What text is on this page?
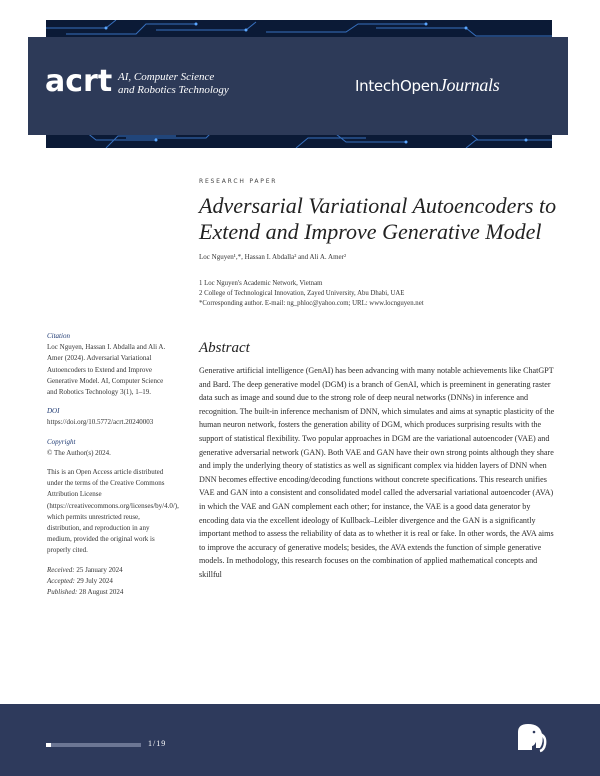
acrt AI, Computer Science
and Robotics Technology	IntechOpenJournals
RESEARCH PAPER
Adversarial Variational Autoencoders to Extend and Improve Generative Model
Loc Nguyen¹,*, Hassan I. Abdalla² and Ali A. Amer²
1 Loc Nguyen's Academic Network, Vietnam
2 College of Technological Innovation, Zayed University, Abu Dhabi, UAE
*Corresponding author. E-mail: ng_phloc@yahoo.com; URL: www.locnguyen.net
Citation
Loc Nguyen, Hassan I. Abdalla and Ali A. Amer (2024). Adversarial Variational Autoencoders to Extend and Improve Generative Model. AI, Computer Science and Robotics Technology 3(1), 1–19.
DOI
https://doi.org/10.5772/acrt.20240003
Copyright
© The Author(s) 2024.
This is an Open Access article distributed under the terms of the Creative Commons Attribution License (https://creativecommons.org/licenses/by/4.0/), which permits unrestricted reuse, distribution, and reproduction in any medium, provided the original work is properly cited.
Received: 25 January 2024
Accepted: 29 July 2024
Published: 28 August 2024
Abstract

Generative artificial intelligence (GenAI) has been advancing with many notable achievements like ChatGPT and Bard. The deep generative model (DGM) is a branch of GenAI, which is preeminent in generating raster data such as image and sound due to the strong role of deep neural networks (DNNs) in inference and recognition. The built-in inference mechanism of DNN, which simulates and aims at synaptic plasticity of the human neuron network, fosters the generation ability of DGM, which produces surprising results with the support of statistical flexibility. Two popular approaches in DGM are the variational autoencoder (VAE) and generative adversarial network (GAN). Both VAE and GAN have their own strong points although they share and imply the underlying theory of statistics as well as significant complex via hidden layers of DNN when DNN becomes effective encoding/decoding functions without concrete specifications. This research unifies VAE and GAN into a consistent and consolidated model called the adversarial variational autoencoder (AVA) in which the VAE and GAN complement each other; for instance, the VAE is a good data generator by encoding data via the excellent ideology of Kullback–Leibler divergence and the GAN is a significantly important method to assess the reliability of data as to whether it is real or fake. In other words, the AVA aims to improve the accuracy of generative models; besides, the AVA extends the function of simple generative models. In methodology, this research focuses on the combination of applied mathematical concepts and skillful

1/19
